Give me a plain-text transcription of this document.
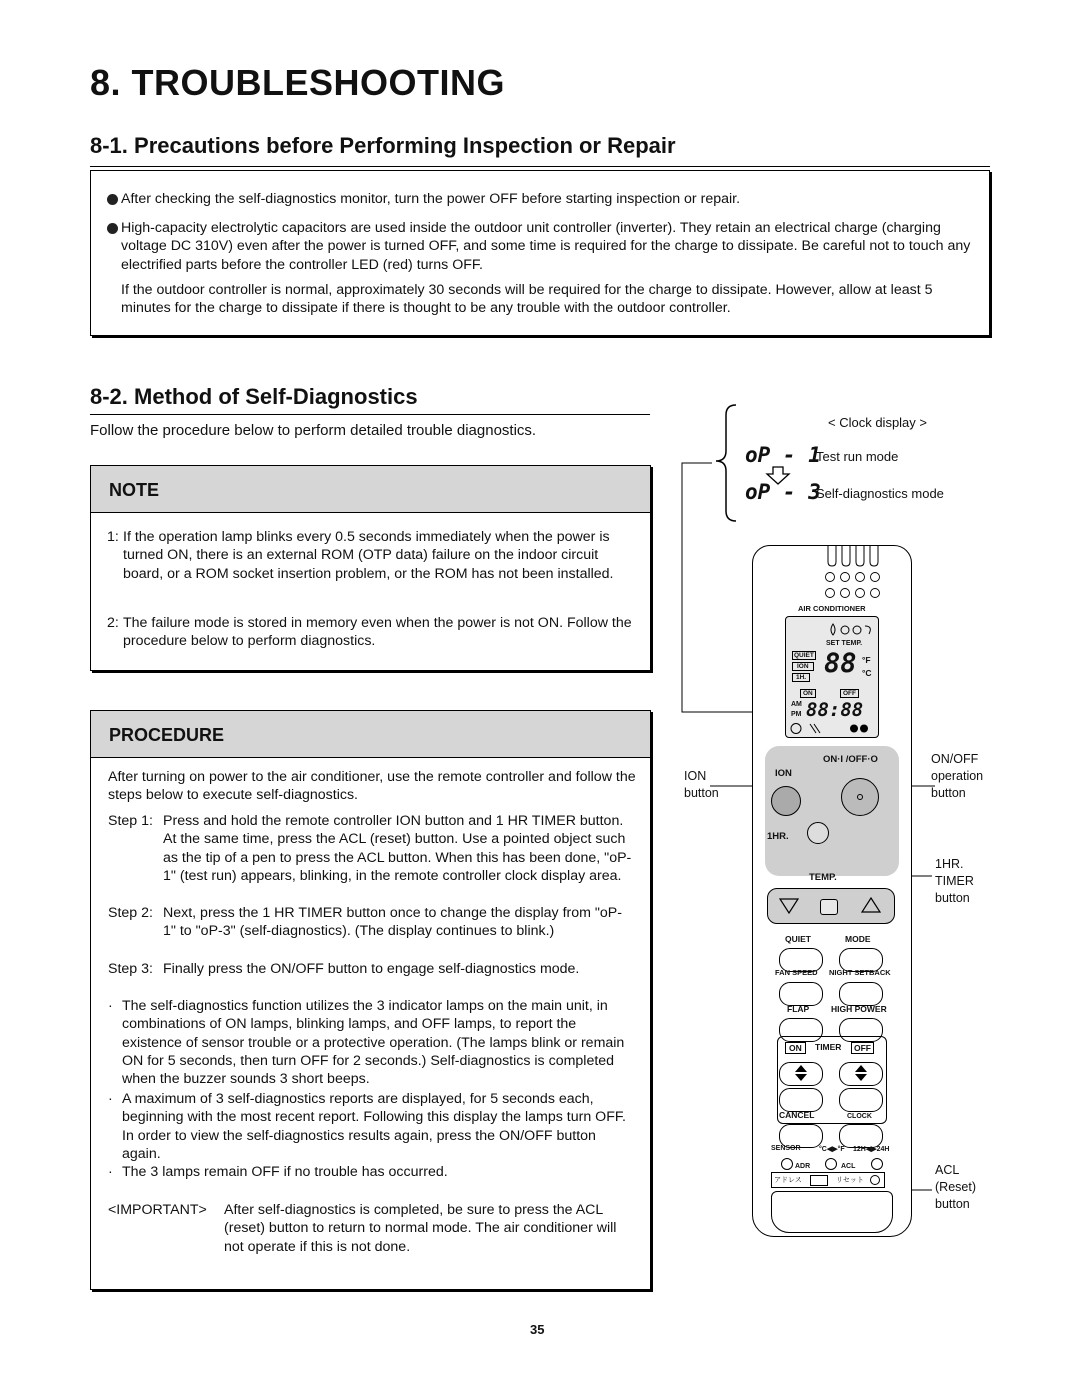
8. TROUBLESHOOTING
8-1. Precautions before Performing Inspection or Repair
After checking the self-diagnostics monitor, turn the power OFF before starting inspection or repair.
High-capacity electrolytic capacitors are used inside the outdoor unit controller (inverter). They retain an electrical charge (charging voltage DC 310V) even after the power is turned OFF, and some time is required for the charge to dissipate. Be careful not to touch any electrified parts before the controller LED (red) turns OFF.
If the outdoor controller is normal, approximately 30 seconds will be required for the charge to dissipate. However, allow at least 5 minutes for the charge to dissipate if there is thought to be any trouble with the outdoor controller.
8-2. Method of Self-Diagnostics
Follow the procedure below to perform detailed trouble diagnostics.
NOTE
1: If the operation lamp blinks every 0.5 seconds immediately when the power is turned ON, there is an external ROM (OTP data) failure on the indoor circuit board, or a ROM socket insertion problem, or the ROM has not been installed.
2: The failure mode is stored in memory even when the power is not ON. Follow the procedure below to perform diagnostics.
PROCEDURE
After turning on power to the air conditioner, use the remote controller and follow the steps below to execute self-diagnostics.
Step 1: Press and hold the remote controller ION button and 1 HR TIMER button. At the same time, press the ACL (reset) button. Use a pointed object such as the tip of a pen to press the ACL button. When this has been done, "oP-1" (test run) appears, blinking, in the remote controller clock display area.
Step 2: Next, press the 1 HR TIMER button once to change the display from "oP-1" to "oP-3" (self-diagnostics). (The display continues to blink.)
Step 3: Finally press the ON/OFF button to engage self-diagnostics mode.
· The self-diagnostics function utilizes the 3 indicator lamps on the main unit, in combinations of ON lamps, blinking lamps, and OFF lamps, to report the existence of sensor trouble or a protective operation. (The lamps blink or remain ON for 5 seconds, then turn OFF for 2 seconds.) Self-diagnostics is completed when the buzzer sounds 3 short beeps.
· A maximum of 3 self-diagnostics reports are displayed, for 5 seconds each, beginning with the most recent report. Following this display the lamps turn OFF. In order to view the self-diagnostics results again, press the ON/OFF button again.
· The 3 lamps remain OFF if no trouble has occurred.
<IMPORTANT> After self-diagnostics is completed, be sure to press the ACL (reset) button to return to normal mode. The air conditioner will not operate if this is not done.
< Clock display >
oP - 1
Test run mode
oP - 3
Self-diagnostics mode
ION
button
ON/OFF
operation
button
1HR.
TIMER
button
ACL
(Reset)
button
AIR CONDITIONER
SET TEMP.
QUIET
ION
1H. 88 °F
°C
ON	OFF
AM
PM 88:88
ION
ON·I /OFF·O
1HR.
TEMP.
QUIET	MODE
FAN SPEED NIGHT SETBACK
FLAP	HIGH POWER
ON	TIMER	OFF
CANCEL	CLOCK
SENSOR	°C◀▶°F 12H◀▶24H
ADR	ACL
アドレス	リセット
35
